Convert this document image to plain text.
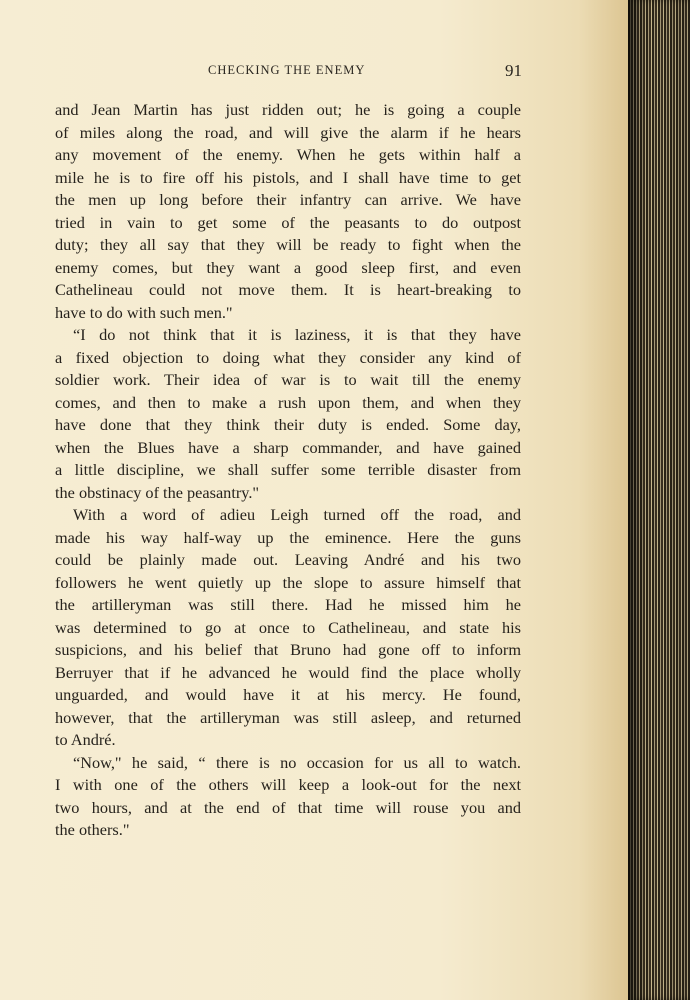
CHECKING THE ENEMY	91
and Jean Martin has just ridden out; he is going a couple
of miles along the road, and will give the alarm if he hears
any movement of the enemy. When he gets within half a
mile he is to fire off his pistols, and I shall have time to get
the men up long before their infantry can arrive. We have
tried in vain to get some of the peasants to do outpost
duty; they all say that they will be ready to fight when the
enemy comes, but they want a good sleep first, and even
Cathelineau could not move them. It is heart-breaking to
have to do with such men."
“I do not think that it is laziness, it is that they have
a fixed objection to doing what they consider any kind of
soldier work. Their idea of war is to wait till the enemy
comes, and then to make a rush upon them, and when they
have done that they think their duty is ended. Some day,
when the Blues have a sharp commander, and have gained
a little discipline, we shall suffer some terrible disaster from
the obstinacy of the peasantry."
With a word of adieu Leigh turned off the road, and
made his way half-way up the eminence. Here the guns
could be plainly made out. Leaving André and his two
followers he went quietly up the slope to assure himself that
the artilleryman was still there. Had he missed him he
was determined to go at once to Cathelineau, and state his
suspicions, and his belief that Bruno had gone off to inform
Berruyer that if he advanced he would find the place wholly
unguarded, and would have it at his mercy. He found,
however, that the artilleryman was still asleep, and returned
to André.
“Now," he said, “ there is no occasion for us all to watch.
I with one of the others will keep a look-out for the next
two hours, and at the end of that time will rouse you and
the others."
